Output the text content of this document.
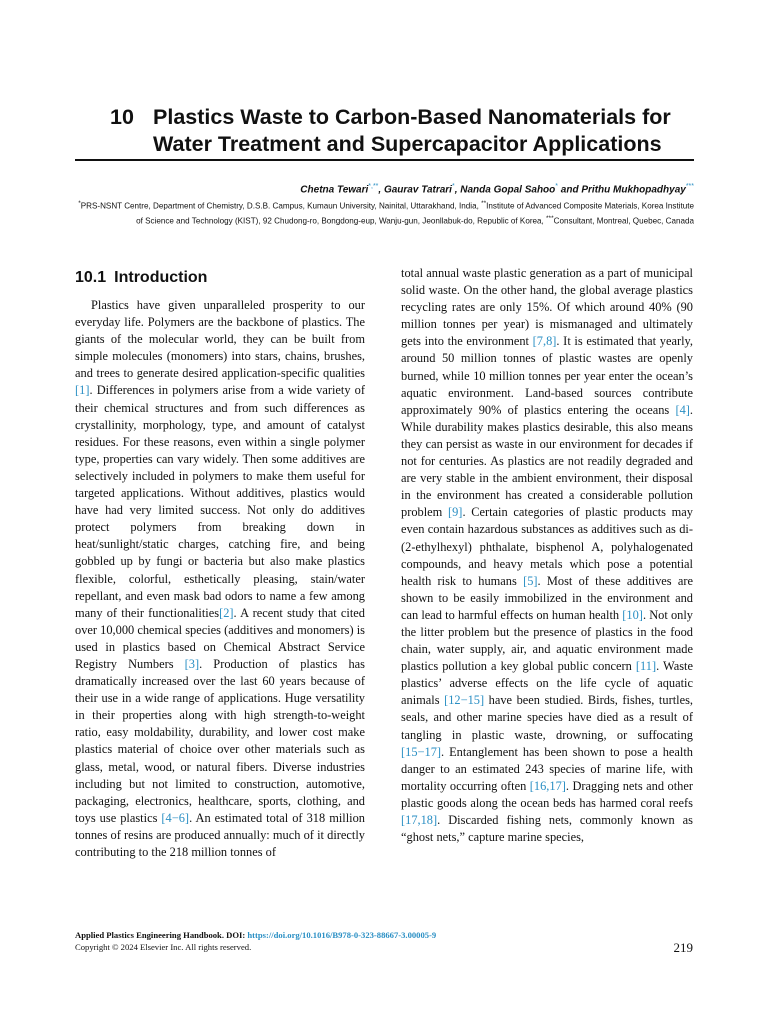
10 Plastics Waste to Carbon-Based Nanomaterials for Water Treatment and Supercapacitor Applications
Chetna Tewari*,**, Gaurav Tatrari*, Nanda Gopal Sahoo* and Prithu Mukhopadhyay***
*PRS-NSNT Centre, Department of Chemistry, D.S.B. Campus, Kumaun University, Nainital, Uttarakhand, India, **Institute of Advanced Composite Materials, Korea Institute of Science and Technology (KIST), 92 Chudong-ro, Bongdong-eup, Wanju-gun, Jeonllabuk-do, Republic of Korea, ***Consultant, Montreal, Quebec, Canada
10.1 Introduction
Plastics have given unparalleled prosperity to our everyday life. Polymers are the backbone of plastics. The giants of the molecular world, they can be built from simple molecules (monomers) into stars, chains, brushes, and trees to generate desired application-specific qualities [1]. Differences in polymers arise from a wide variety of their chemical structures and from such differences as crystallinity, morphology, type, and amount of catalyst residues. For these reasons, even within a single polymer type, properties can vary widely. Then some additives are selectively included in polymers to make them useful for targeted applications. Without additives, plastics would have had very limited success. Not only do additives protect polymers from breaking down in heat/sunlight/static charges, catching fire, and being gobbled up by fungi or bacteria but also make plastics flexible, colorful, esthetically pleasing, stain/water repellant, and even mask bad odors to name a few among many of their functionalities[2]. A recent study that cited over 10,000 chemical species (additives and monomers) is used in plastics based on Chemical Abstract Service Registry Numbers [3]. Production of plastics has dramatically increased over the last 60 years because of their use in a wide range of applications. Huge versatility in their properties along with high strength-to-weight ratio, easy moldability, durability, and lower cost make plastics material of choice over other materials such as glass, metal, wood, or natural fibers. Diverse industries including but not limited to construction, automotive, packaging, electronics, healthcare, sports, clothing, and toys use plastics [4−6]. An estimated total of 318 million tonnes of resins are produced annually: much of it directly contributing to the 218 million tonnes of
total annual waste plastic generation as a part of municipal solid waste. On the other hand, the global average plastics recycling rates are only 15%. Of which around 40% (90 million tonnes per year) is mismanaged and ultimately gets into the environment [7,8]. It is estimated that yearly, around 50 million tonnes of plastic wastes are openly burned, while 10 million tonnes per year enter the ocean’s aquatic environment. Land-based sources contribute approximately 90% of plastics entering the oceans [4]. While durability makes plastics desirable, this also means they can persist as waste in our environment for decades if not for centuries. As plastics are not readily degraded and are very stable in the ambient environment, their disposal in the environment has created a considerable pollution problem [9]. Certain categories of plastic products may even contain hazardous substances as additives such as di-(2-ethylhexyl) phthalate, bisphenol A, polyhalogenated compounds, and heavy metals which pose a potential health risk to humans [5]. Most of these additives are shown to be easily immobilized in the environment and can lead to harmful effects on human health [10]. Not only the litter problem but the presence of plastics in the food chain, water supply, air, and aquatic environment made plastics pollution a key global public concern [11]. Waste plastics’ adverse effects on the life cycle of aquatic animals [12−15] have been studied. Birds, fishes, turtles, seals, and other marine species have died as a result of tangling in plastic waste, drowning, or suffocating [15−17]. Entanglement has been shown to pose a health danger to an estimated 243 species of marine life, with mortality occurring often [16,17]. Dragging nets and other plastic goods along the ocean beds has harmed coral reefs [17,18]. Discarded fishing nets, commonly known as “ghost nets,” capture marine species,
Applied Plastics Engineering Handbook. DOI: https://doi.org/10.1016/B978-0-323-88667-3.00005-9
Copyright © 2024 Elsevier Inc. All rights reserved.	219
